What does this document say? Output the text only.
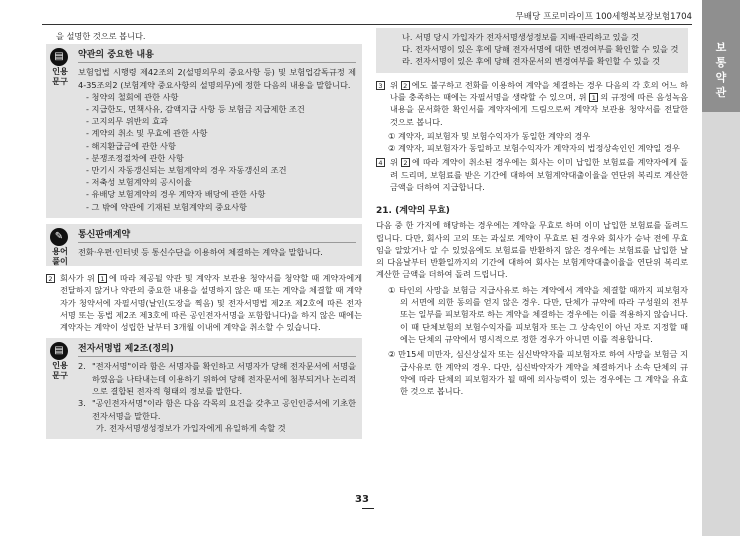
보
통
약
관
무배당 프로미라이프 100세행복보장보험1704
을 설명한 것으로 봅니다.
▤
인용
문구
약관의 중요한 내용
보험업법 시행령 제42조의 2(설명의무의 중요사항 등) 및 보험업감독규정 제4-35조의2 (보험계약 중요사항의 설명의무)에 정한 다음의 내용을 말합니다.
- 청약의 철회에 관한 사항
- 지급한도, 면책사유, 감액지급 사항 등 보험금 지급제한 조건
- 고지의무 위반의 효과
- 계약의 취소 및 무효에 관한 사항
- 해지환급금에 관한 사항
- 분쟁조정절차에 관한 사항
- 만기시 자동갱신되는 보험계약의 경우 자동갱신의 조건
- 저축성 보험계약의 공시이율
- 유배당 보험계약의 경우 계약자 배당에 관한 사항
- 그 밖에 약관에 기재된 보험계약의 중요사항
✎
용어
풀이
통신판매계약
전화·우편·인터넷 등 통신수단을 이용하여 체결하는 계약을 말합니다.
2 회사가 위 1 에 따라 제공될 약관 및 계약자 보관용 청약서를 청약할 때 계약자에게 전달하지 않거나 약관의 중요한 내용을 설명하지 않은 때 또는 계약을 체결할 때 계약자가 청약서에 자필서명(날인(도장을 찍음) 및 전자서명법 제2조 제2호에 따른 전자서명 또는 동법 제2조 제3호에 따른 공인전자서명을 포함합니다)을 하지 않은 때에는 계약자는 계약이 성립한 날부터 3개월 이내에 계약을 취소할 수 있습니다.
▤
인용
문구
전자서명법 제2조(정의)
2. "전자서명"이라 함은 서명자를 확인하고 서명자가 당해 전자문서에 서명을 하였음을 나타내는데 이용하기 위하여 당해 전자문서에 첨부되거나 논리적으로 결합된 전자적 형태의 정보를 말한다.
3. "공인전자서명"이라 함은 다음 각목의 요건을 갖추고 공인인증서에 기초한 전자서명을 말한다.
가. 전자서명생성정보가 가입자에게 유일하게 속할 것
나. 서명 당시 가입자가 전자서명생성정보를 지배·관리하고 있을 것
다. 전자서명이 있은 후에 당해 전자서명에 대한 변경여부를 확인할 수 있을 것
라. 전자서명이 있은 후에 당해 전자문서의 변경여부를 확인할 수 있을 것
3 위 2 에도 불구하고 전화를 이용하여 계약을 체결하는 경우 다음의 각 호의 어느 하나를 충족하는 때에는 자필서명을 생략할 수 있으며, 위 1 의 규정에 따른 음성녹음 내용을 문서화한 확인서를 계약자에게 드림으로써 계약자 보관용 청약서를 전달한 것으로 봅니다.
① 계약자, 피보험자 및 보험수익자가 동일한 계약의 경우
② 계약자, 피보험자가 동일하고 보험수익자가 계약자의 법정상속인인 계약일 경우
4 위 2 에 따라 계약이 취소된 경우에는 회사는 이미 납입한 보험료를 계약자에게 돌려 드리며, 보험료를 받은 기간에 대하여 보험계약대출이율을 연단위 복리로 계산한 금액을 더하여 지급합니다.
21. (계약의 무효)
다음 중 한 가지에 해당하는 경우에는 계약을 무효로 하며 이미 납입한 보험료를 돌려드립니다. 다만, 회사의 고의 또는 과실로 계약이 무효로 된 경우와 회사가 승낙 전에 무효임을 알았거나 알 수 있었음에도 보험료를 반환하지 않은 경우에는 보험료를 납입한 날의 다음날부터 반환일까지의 기간에 대하여 회사는 보험계약대출이율을 연단위 복리로 계산한 금액을 더하여 돌려 드립니다.
① 타인의 사망을 보험금 지급사유로 하는 계약에서 계약을 체결할 때까지 피보험자의 서면에 의한 동의를 얻지 않은 경우. 다만, 단체가 규약에 따라 구성원의 전부 또는 일부를 피보험자로 하는 계약을 체결하는 경우에는 이를 적용하지 않습니다. 이 때 단체보험의 보험수익자를 피보험자 또는 그 상속인이 아닌 자로 지정할 때에는 단체의 규약에서 명시적으로 정한 경우가 아니면 이를 적용합니다.
② 만15세 미만자, 심신상실자 또는 심신박약자를 피보험자로 하여 사망을 보험금 지급사유로 한 계약의 경우. 다만, 심신박약자가 계약을 체결하거나 소속 단체의 규약에 따라 단체의 피보험자가 될 때에 의사능력이 있는 경우에는 그 계약을 유효한 것으로 봅니다.
33
